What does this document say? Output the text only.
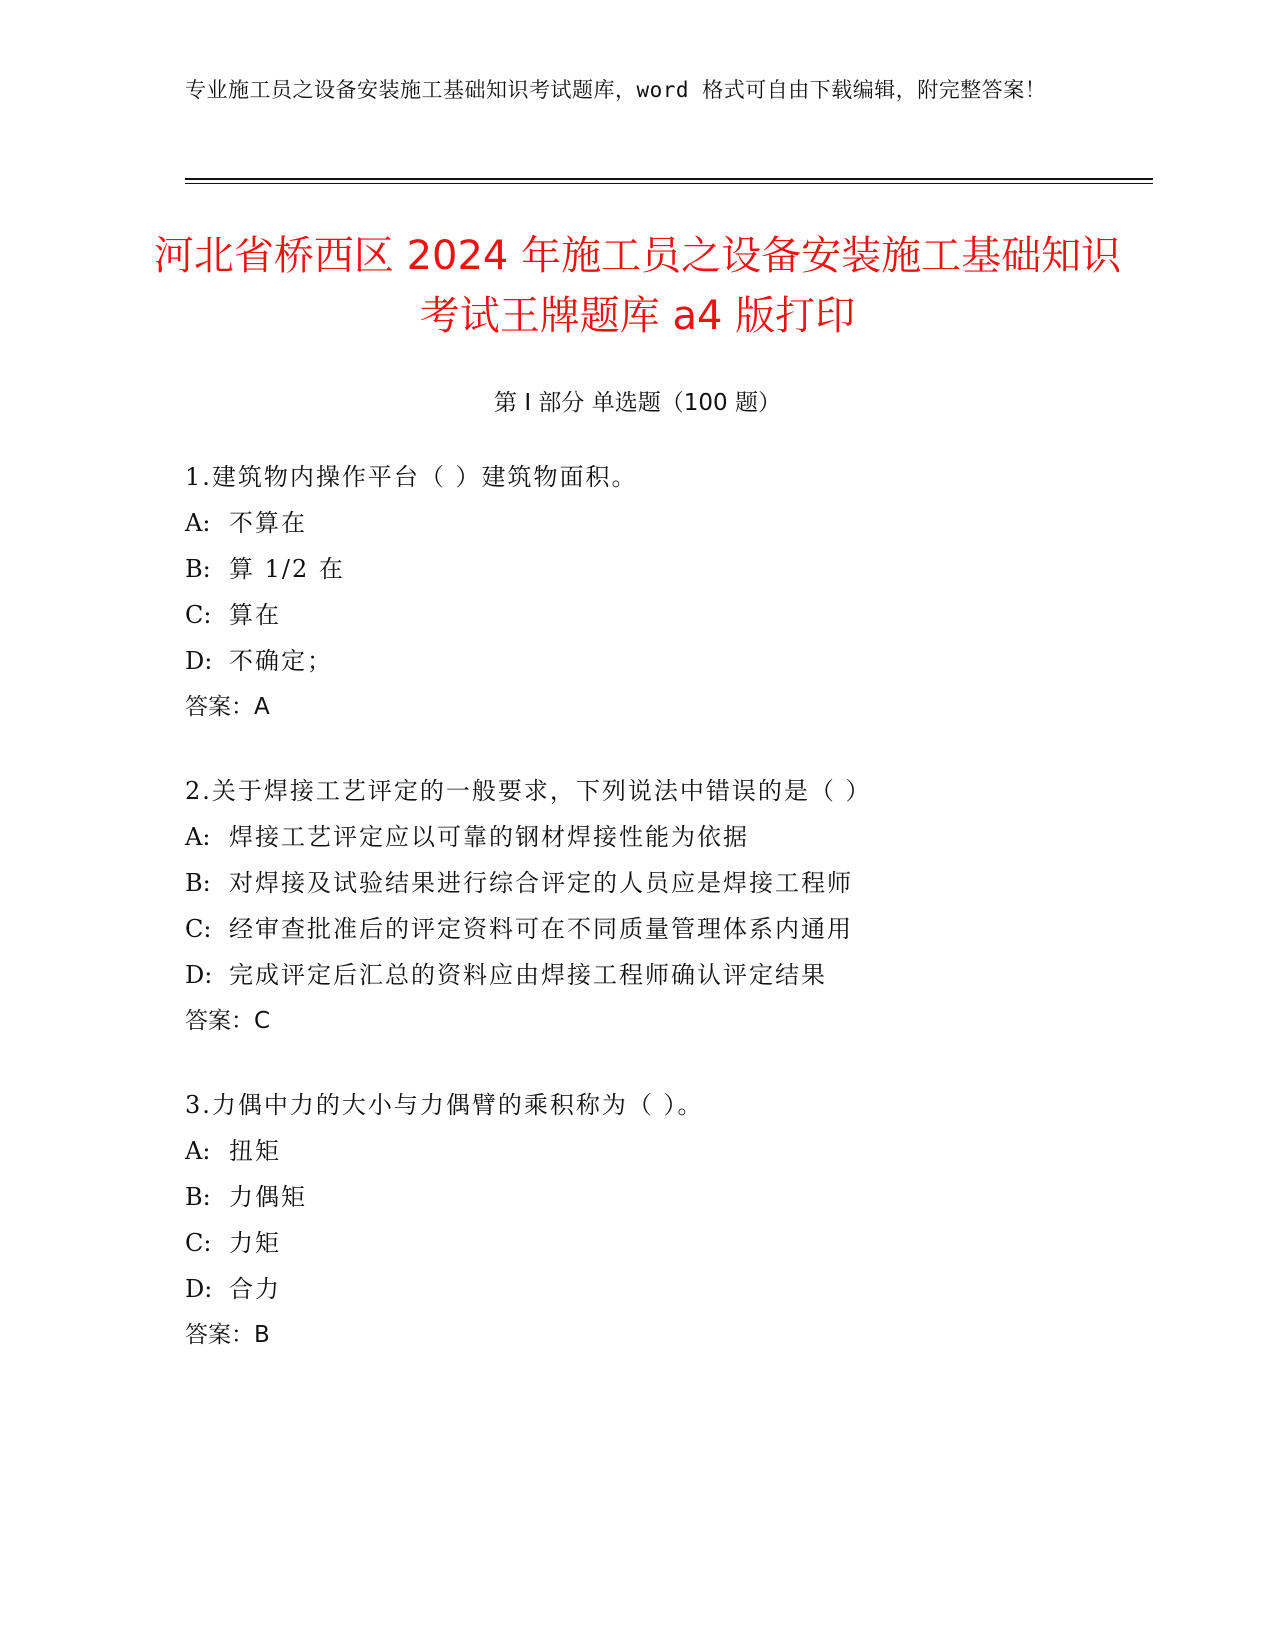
专业施工员之设备安装施工基础知识考试题库，word 格式可自由下载编辑，附完整答案！
河北省桥西区 2024 年施工员之设备安装施工基础知识考试王牌题库 a4 版打印
第 I 部分 单选题（100 题）
1.建筑物内操作平台（ ）建筑物面积。
A: 不算在
B: 算 1/2 在
C: 算在
D: 不确定；
答案：A
2.关于焊接工艺评定的一般要求，下列说法中错误的是（ ）
A: 焊接工艺评定应以可靠的钢材焊接性能为依据
B: 对焊接及试验结果进行综合评定的人员应是焊接工程师
C: 经审查批准后的评定资料可在不同质量管理体系内通用
D: 完成评定后汇总的资料应由焊接工程师确认评定结果
答案：C
3.力偶中力的大小与力偶臂的乘积称为（ ）。
A: 扭矩
B: 力偶矩
C: 力矩
D: 合力
答案：B
